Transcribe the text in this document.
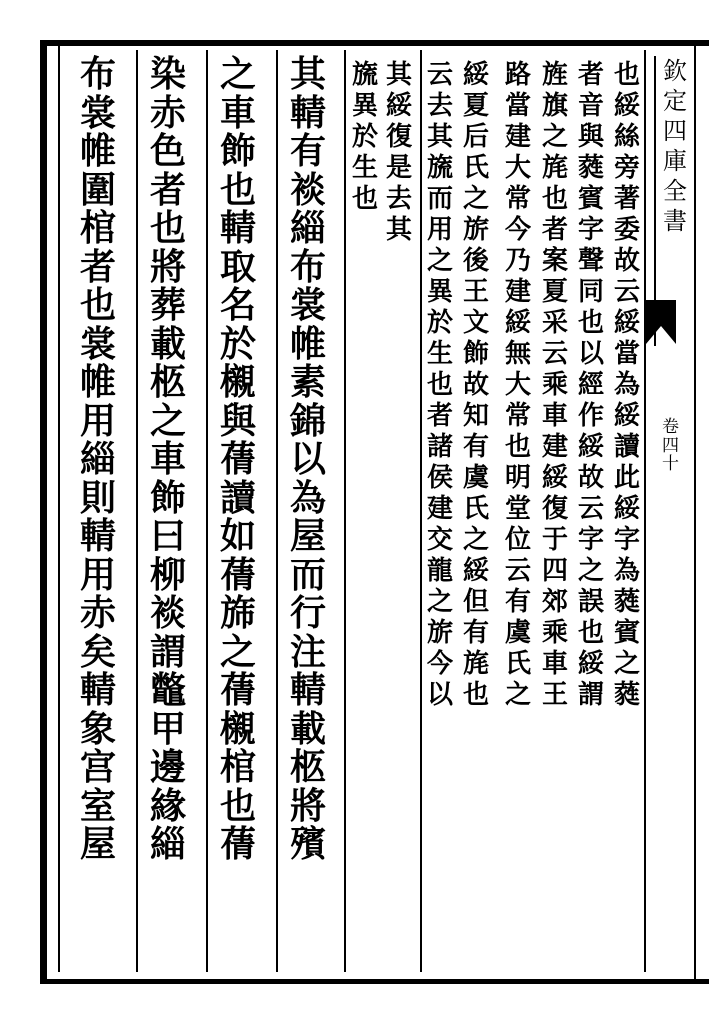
欽
定
四
庫
全
書
卷
四
十
也
綏
絲
旁
著
委
故
云
綏
當
為
綏
讀
此
綏
字
為
蕤
賓
之
蕤
者
音
與
蕤
賓
字
聲
同
也
以
經
作
綏
故
云
字
之
誤
也
綏
謂
旌
旗
之
旄
也
者
案
夏
采
云
乘
車
建
綏
復
于
四
郊
乘
車
王
路
當
建
大
常
今
乃
建
綏
無
大
常
也
明
堂
位
云
有
虞
氏
之
綏
夏
后
氏
之
旂
後
王
文
飾
故
知
有
虞
氏
之
綏
但
有
旄
也
云
去
其
旒
而
用
之
異
於
生
也
者
諸
侯
建
交
龍
之
旂
今
以
其
綏
復
是
去
其
旒
異
於
生
也
其
輤
有
裧
緇
布
裳
帷
素
錦
以
為
屋
而
行
注
輤
載
柩
將
殯
之
車
飾
也
輤
取
名
於
櫬
與
蒨
讀
如
蒨
旆
之
蒨
櫬
棺
也
蒨
染
赤
色
者
也
將
葬
載
柩
之
車
飾
曰
柳
裧
謂
鼈
甲
邊
緣
緇
布
裳
帷
圍
棺
者
也
裳
帷
用
緇
則
輤
用
赤
矣
輤
象
宫
室
屋
